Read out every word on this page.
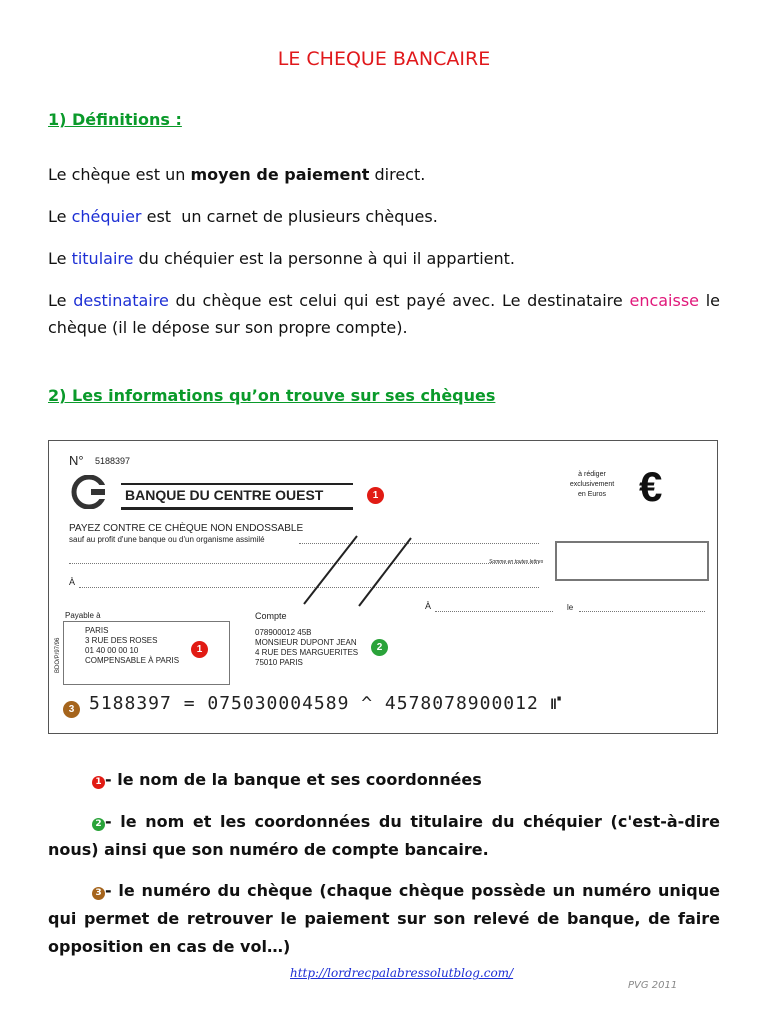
LE CHEQUE BANCAIRE
1) Définitions :
Le chèque est un moyen de paiement direct.
Le chéquier est  un carnet de plusieurs chèques.
Le titulaire du chéquier est la personne à qui il appartient.
Le destinataire du chèque est celui qui est payé avec. Le destinataire encaisse le chèque (il le dépose sur son propre compte).
2) Les informations qu’on trouve sur ses chèques
N° 5188397
BANQUE DU CENTRE OUEST	1
à rédiger
exclusivement
en Euros €
PAYEZ CONTRE CE CHÈQUE NON ENDOSSABLE
sauf au profit d'une banque ou d'un organisme assimilé
Somme en toutes lettres
À
À	le
Payable à
BDO/P/97/96
PARIS
3 RUE DES ROSES
01 40 00 00 10
COMPENSABLE À PARIS
1
Compte
078900012 45B
MONSIEUR DUPONT JEAN
4 RUE DES MARGUERITES
75010 PARIS
2
3 5188397 = 075030004589 ^ 4578078900012 ⑈
1 - le nom de la banque et ses coordonnées
2 - le nom et les coordonnées du titulaire du chéquier (c'est-à-dire nous) ainsi que son numéro de compte bancaire.
3 - le numéro du chèque (chaque chèque possède un numéro unique qui permet de retrouver le paiement sur son relevé de banque, de faire opposition en cas de vol…)
http://lordrecpalabressolutblog.com/
PVG 2011
